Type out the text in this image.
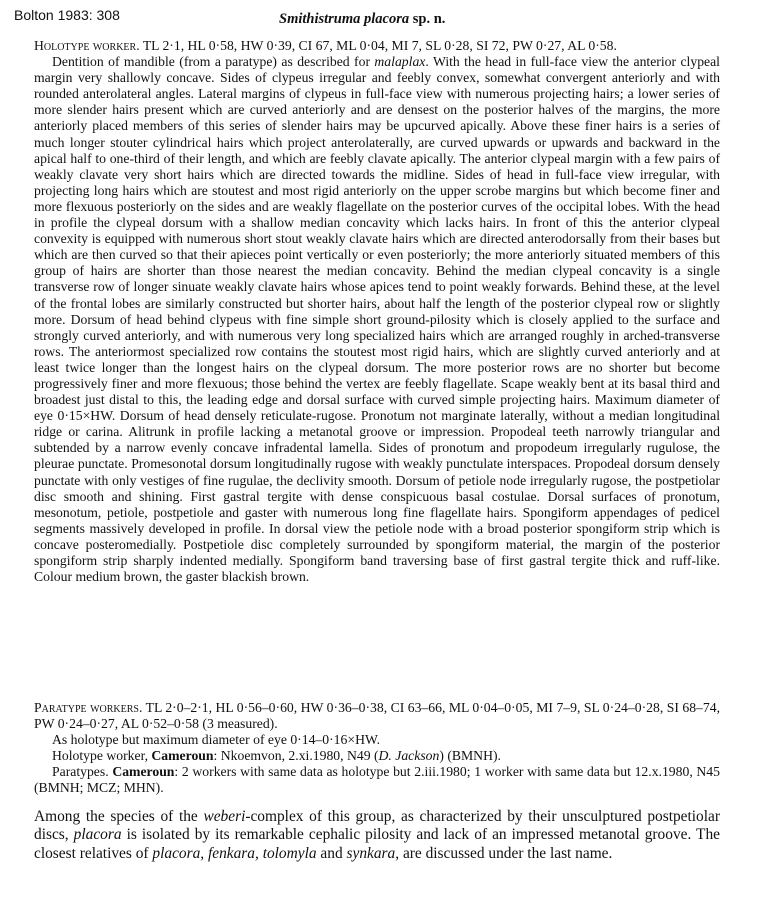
Bolton 1983: 308	Smithistruma placora sp. n.

Holotype worker. TL 2·1, HL 0·58, HW 0·39, CI 67, ML 0·04, MI 7, SL 0·28, SI 72, PW 0·27, AL 0·58.

Dentition of mandible (from a paratype) as described for malaplax. With the head in full-face view the anterior clypeal margin very shallowly concave. Sides of clypeus irregular and feebly convex, somewhat convergent anteriorly and with rounded anterolateral angles. Lateral margins of clypeus in full-face view with numerous projecting hairs; a lower series of more slender hairs present which are curved anteriorly and are densest on the posterior halves of the margins, the more anteriorly placed members of this series of slender hairs may be upcurved apically. Above these finer hairs is a series of much longer stouter cylindrical hairs which project anterolaterally, are curved upwards or upwards and backward in the apical half to one-third of their length, and which are feebly clavate apically. The anterior clypeal margin with a few pairs of weakly clavate very short hairs which are directed towards the midline. Sides of head in full-face view irregular, with projecting long hairs which are stoutest and most rigid anteriorly on the upper scrobe margins but which become finer and more flexuous posteriorly on the sides and are weakly flagellate on the posterior curves of the occipital lobes. With the head in profile the clypeal dorsum with a shallow median concavity which lacks hairs. In front of this the anterior clypeal convexity is equipped with numerous short stout weakly clavate hairs which are directed anterodorsally from their bases but which are then curved so that their apieces point vertically or even posteriorly; the more anteriorly situated members of this group of hairs are shorter than those nearest the median concavity. Behind the median clypeal concavity is a single transverse row of longer sinuate weakly clavate hairs whose apices tend to point weakly forwards. Behind these, at the level of the frontal lobes are similarly constructed but shorter hairs, about half the length of the posterior clypeal row or slightly more. Dorsum of head behind clypeus with fine simple short ground-pilosity which is closely applied to the surface and strongly curved anteriorly, and with numerous very long specialized hairs which are arranged roughly in arched-transverse rows. The anteriormost specialized row contains the stoutest most rigid hairs, which are slightly curved anteriorly and at least twice longer than the longest hairs on the clypeal dorsum. The more posterior rows are no shorter but become progressively finer and more flexuous; those behind the vertex are feebly flagellate. Scape weakly bent at its basal third and broadest just distal to this, the leading edge and dorsal surface with curved simple projecting hairs. Maximum diameter of eye 0·15×HW. Dorsum of head densely reticulate-rugose. Pronotum not marginate laterally, without a median longitudinal ridge or carina. Alitrunk in profile lacking a metanotal groove or impression. Propodeal teeth narrowly triangular and subtended by a narrow evenly concave infradental lamella. Sides of pronotum and propodeum irregularly rugulose, the pleurae punctate. Promesonotal dorsum longitudinally rugose with weakly punctulate interspaces. Propodeal dorsum densely punctate with only vestiges of fine rugulae, the declivity smooth. Dorsum of petiole node irregularly rugose, the postpetiolar disc smooth and shining. First gastral tergite with dense conspicuous basal costulae. Dorsal surfaces of pronotum, mesonotum, petiole, postpetiole and gaster with numerous long fine flagellate hairs. Spongiform appendages of pedicel segments massively developed in profile. In dorsal view the petiole node with a broad posterior spongiform strip which is concave posteromedially. Postpetiole disc completely surrounded by spongiform material, the margin of the posterior spongiform strip sharply indented medially. Spongiform band traversing base of first gastral tergite thick and ruff-like. Colour medium brown, the gaster blackish brown.

Paratype workers. TL 2·0–2·1, HL 0·56–0·60, HW 0·36–0·38, CI 63–66, ML 0·04–0·05, MI 7–9, SL 0·24–0·28, SI 68–74, PW 0·24–0·27, AL 0·52–0·58 (3 measured).

As holotype but maximum diameter of eye 0·14–0·16×HW.

Holotype worker, Cameroun: Nkoemvon, 2.xi.1980, N49 (D. Jackson) (BMNH).

Paratypes. Cameroun: 2 workers with same data as holotype but 2.iii.1980; 1 worker with same data but 12.x.1980, N45 (BMNH; MCZ; MHN).

Among the species of the weberi-complex of this group, as characterized by their unsculptured postpetiolar discs, placora is isolated by its remarkable cephalic pilosity and lack of an impressed metanotal groove. The closest relatives of placora, fenkara, tolomyla and synkara, are discussed under the last name.
